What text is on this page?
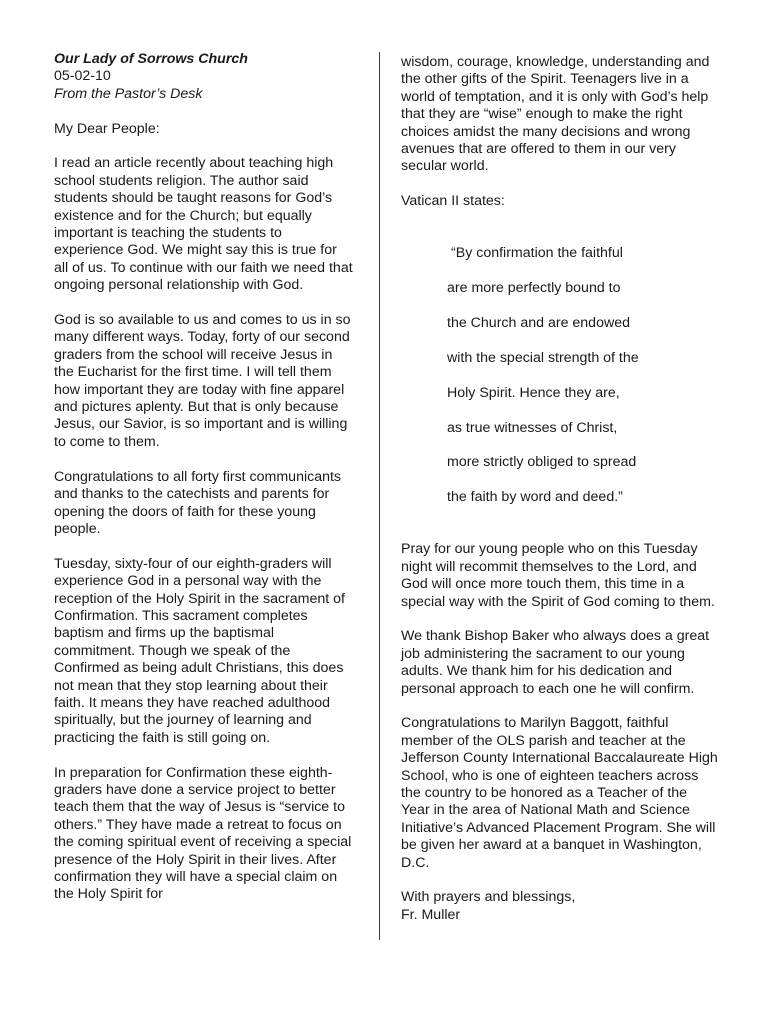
Our Lady of Sorrows Church
05-02-10
From the Pastor’s Desk

My Dear People:

I read an article recently about teaching high school students religion. The author said students should be taught reasons for God’s existence and for the Church; but equally important is teaching the students to experience God. We might say this is true for all of us. To continue with our faith we need that ongoing personal relationship with God.

God is so available to us and comes to us in so many different ways. Today, forty of our second graders from the school will receive Jesus in the Eucharist for the first time. I will tell them how important they are today with fine apparel and pictures aplenty. But that is only because Jesus, our Savior, is so important and is willing to come to them.

Congratulations to all forty first communicants and thanks to the catechists and parents for opening the doors of faith for these young people.

Tuesday, sixty-four of our eighth-graders will experience God in a personal way with the reception of the Holy Spirit in the sacrament of Confirmation. This sacrament completes baptism and firms up the baptismal commitment. Though we speak of the Confirmed as being adult Christians, this does not mean that they stop learning about their faith. It means they have reached adulthood spiritually, but the journey of learning and practicing the faith is still going on.

In preparation for Confirmation these eighth-graders have done a service project to better teach them that the way of Jesus is “service to others.” They have made a retreat to focus on the coming spiritual event of receiving a special presence of the Holy Spirit in their lives. After confirmation they will have a special claim on the Holy Spirit for

wisdom, courage, knowledge, understanding and the other gifts of the Spirit. Teenagers live in a world of temptation, and it is only with God’s help that they are “wise” enough to make the right choices amidst the many decisions and wrong avenues that are offered to them in our very secular world.

Vatican II states:

“By confirmation the faithful

are more perfectly bound to

the Church and are endowed

with the special strength of the

Holy Spirit. Hence they are,

as true witnesses of Christ,

more strictly obliged to spread

the faith by word and deed.”

Pray for our young people who on this Tuesday night will recommit themselves to the Lord, and God will once more touch them, this time in a special way with the Spirit of God coming to them.

We thank Bishop Baker who always does a great job administering the sacrament to our young adults. We thank him for his dedication and personal approach to each one he will confirm.

Congratulations to Marilyn Baggott, faithful member of the OLS parish and teacher at the Jefferson County International Baccalaureate High School, who is one of eighteen teachers across the country to be honored as a Teacher of the Year in the area of National Math and Science Initiative’s Advanced Placement Program. She will be given her award at a banquet in Washington, D.C.

With prayers and blessings,
Fr. Muller
